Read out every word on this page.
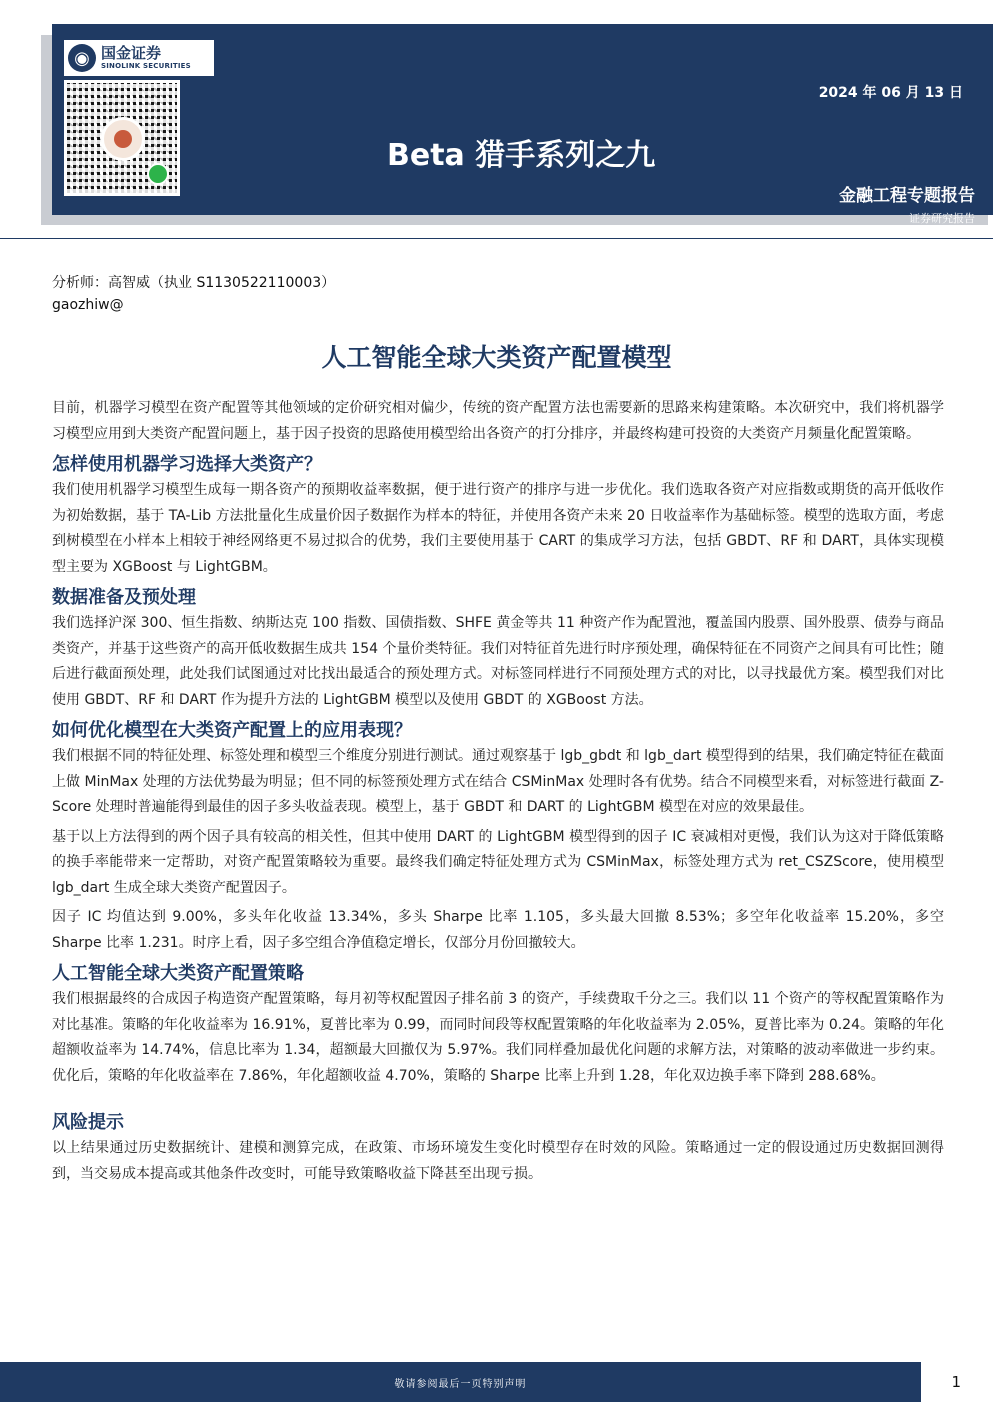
2024 年 06 月 13 日
Beta 猎手系列之九
金融工程专题报告
证券研究报告
◉ 国金证券
SINOLINK SECURITIES
分析师：高智威（执业 S1130522110003）
gaozhiw@
人工智能全球大类资产配置模型

目前，机器学习模型在资产配置等其他领域的定价研究相对偏少，传统的资产配置方法也需要新的思路来构建策略。本次研究中，我们将机器学习模型应用到大类资产配置问题上，基于因子投资的思路使用模型给出各资产的打分排序，并最终构建可投资的大类资产月频量化配置策略。

怎样使用机器学习选择大类资产？

我们使用机器学习模型生成每一期各资产的预期收益率数据，便于进行资产的排序与进一步优化。我们选取各资产对应指数或期货的高开低收作为初始数据，基于 TA-Lib 方法批量化生成量价因子数据作为样本的特征，并使用各资产未来 20 日收益率作为基础标签。模型的选取方面，考虑到树模型在小样本上相较于神经网络更不易过拟合的优势，我们主要使用基于 CART 的集成学习方法，包括 GBDT、RF 和 DART，具体实现模型主要为 XGBoost 与 LightGBM。

数据准备及预处理

我们选择沪深 300、恒生指数、纳斯达克 100 指数、国债指数、SHFE 黄金等共 11 种资产作为配置池，覆盖国内股票、国外股票、债券与商品类资产，并基于这些资产的高开低收数据生成共 154 个量价类特征。我们对特征首先进行时序预处理，确保特征在不同资产之间具有可比性；随后进行截面预处理，此处我们试图通过对比找出最适合的预处理方式。对标签同样进行不同预处理方式的对比，以寻找最优方案。模型我们对比使用 GBDT、RF 和 DART 作为提升方法的 LightGBM 模型以及使用 GBDT 的 XGBoost 方法。

如何优化模型在大类资产配置上的应用表现？

我们根据不同的特征处理、标签处理和模型三个维度分别进行测试。通过观察基于 lgb_gbdt 和 lgb_dart 模型得到的结果，我们确定特征在截面上做 MinMax 处理的方法优势最为明显；但不同的标签预处理方式在结合 CSMinMax 处理时各有优势。结合不同模型来看，对标签进行截面 Z-Score 处理时普遍能得到最佳的因子多头收益表现。模型上，基于 GBDT 和 DART 的 LightGBM 模型在对应的效果最佳。

基于以上方法得到的两个因子具有较高的相关性，但其中使用 DART 的 LightGBM 模型得到的因子 IC 衰减相对更慢，我们认为这对于降低策略的换手率能带来一定帮助，对资产配置策略较为重要。最终我们确定特征处理方式为 CSMinMax，标签处理方式为 ret_CSZScore，使用模型 lgb_dart 生成全球大类资产配置因子。

因子 IC 均值达到 9.00%，多头年化收益 13.34%，多头 Sharpe 比率 1.105，多头最大回撤 8.53%；多空年化收益率 15.20%，多空 Sharpe 比率 1.231。时序上看，因子多空组合净值稳定增长，仅部分月份回撤较大。

人工智能全球大类资产配置策略

我们根据最终的合成因子构造资产配置策略，每月初等权配置因子排名前 3 的资产，手续费取千分之三。我们以 11 个资产的等权配置策略作为对比基准。策略的年化收益率为 16.91%，夏普比率为 0.99，而同时间段等权配置策略的年化收益率为 2.05%，夏普比率为 0.24。策略的年化超额收益率为 14.74%，信息比率为 1.34，超额最大回撤仅为 5.97%。我们同样叠加最优化问题的求解方法，对策略的波动率做进一步约束。优化后，策略的年化收益率在 7.86%，年化超额收益 4.70%，策略的 Sharpe 比率上升到 1.28，年化双边换手率下降到 288.68%。

风险提示

以上结果通过历史数据统计、建模和测算完成，在政策、市场环境发生变化时模型存在时效的风险。策略通过一定的假设通过历史数据回测得到，当交易成本提高或其他条件改变时，可能导致策略收益下降甚至出现亏损。

敬请参阅最后一页特别声明	1
